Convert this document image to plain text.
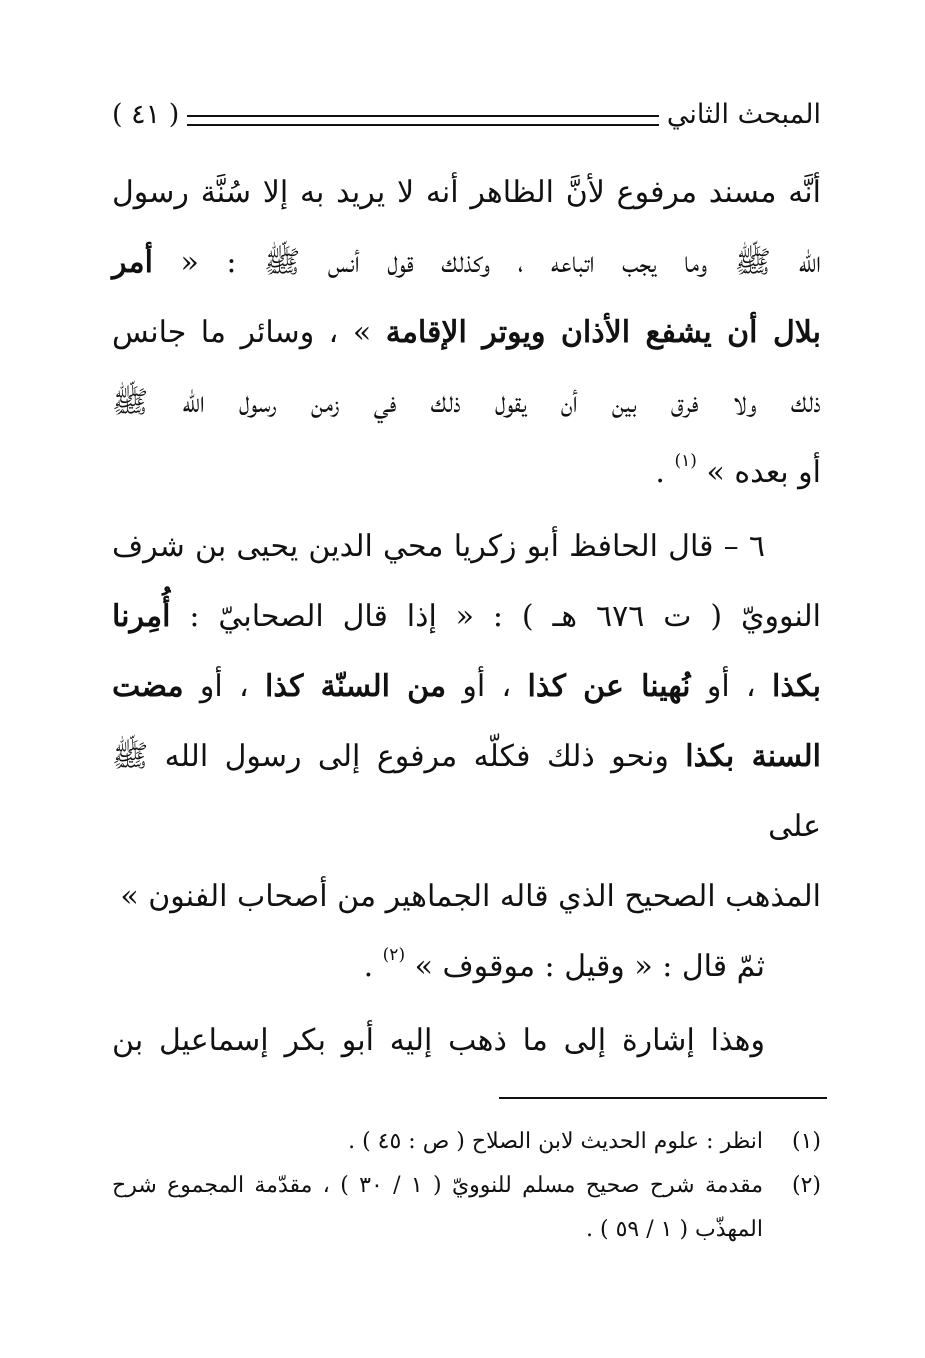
المبحث الثاني
( ٤١ )

أنَّه مسند مرفوع لأنَّ الظاهر أنه لا يريد به إلا سُنَّة رسول

الله ﷺ وما يجب اتباعه ، وكذلك قول أنس ﷺ : « أمر

بلال أن يشفع الأذان ويوتر الإقامة » ، وسائر ما جانس

ذلك ولا فرق بين أن يقول ذلك في زمن رسول الله ﷺ

أو بعده » $^{(١)}$ .

٦ – قال الحافظ أبو زكريا محي الدين يحيى بن شرف

النوويّ ( ت ٦٧٦ هـ ) : « إذا قال الصحابيّ : أُمِرنا

بكذا ، أو نُهينا عن كذا ، أو من السنّة كذا ، أو مضت

السنة بكذا ونحو ذلك فكلّه مرفوع إلى رسول الله ﷺ على

المذهب الصحيح الذي قاله الجماهير من أصحاب الفنون »

ثمّ قال : « وقيل : موقوف » $^{(٢)}$ .

وهذا إشارة إلى ما ذهب إليه أبو بكر إسماعيل بن

(١)
انظر : علوم الحديث لابن الصلاح ( ص : ٤٥ ) .
(٢)
مقدمة شرح صحيح مسلم للنوويّ ( ١ / ٣٠ ) ، مقدّمة المجموع شرح المهذّب ( ١ / ٥٩ ) .
